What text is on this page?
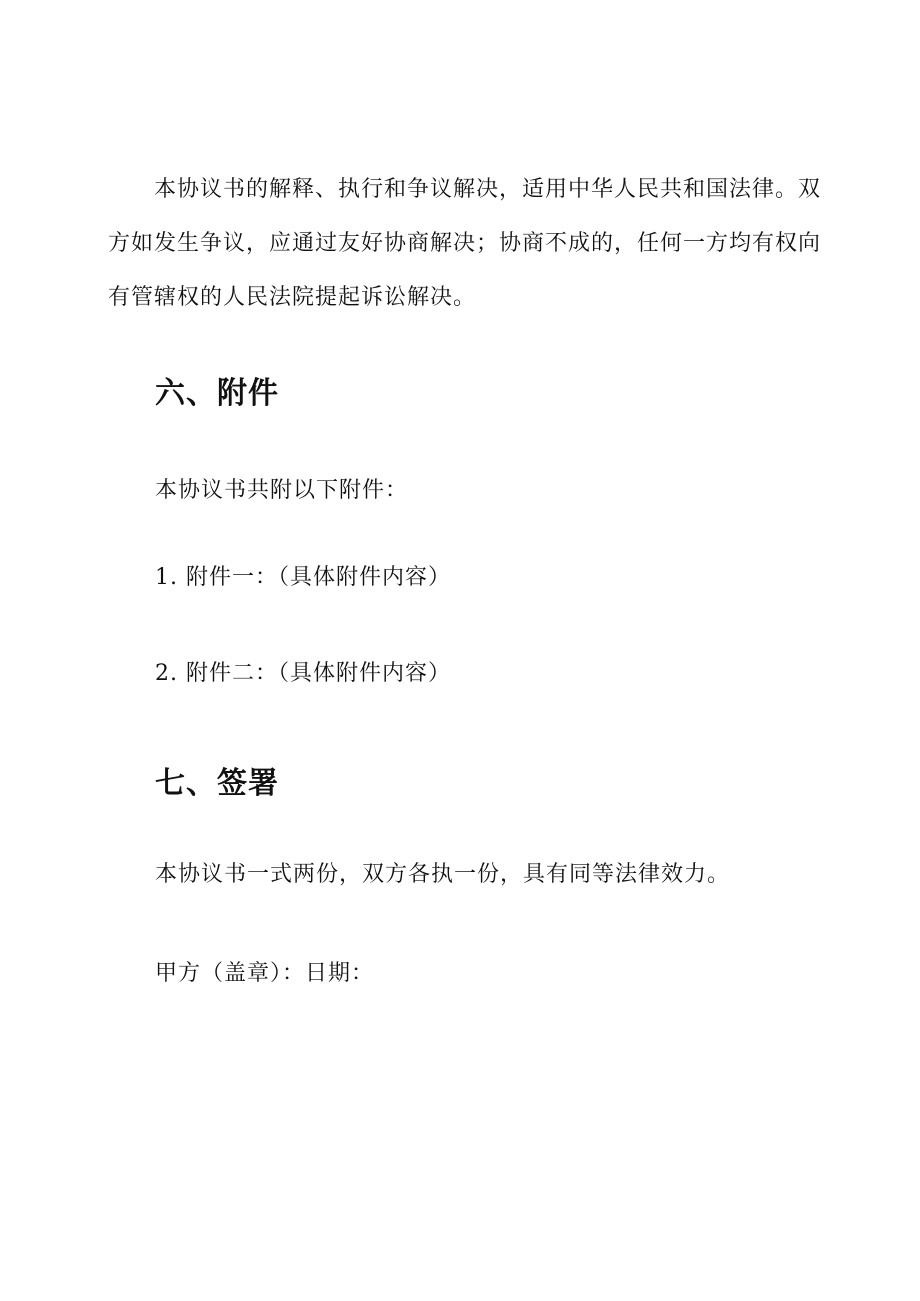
本协议书的解释、执行和争议解决，适用中华人民共和国法律。双方如发生争议，应通过友好协商解决；协商不成的，任何一方均有权向有管辖权的人民法院提起诉讼解决。

六、附件

本协议书共附以下附件：

1. 附件一：（具体附件内容）

2. 附件二：（具体附件内容）

七、签署

本协议书一式两份，双方各执一份，具有同等法律效力。

甲方（盖章）：日期：
